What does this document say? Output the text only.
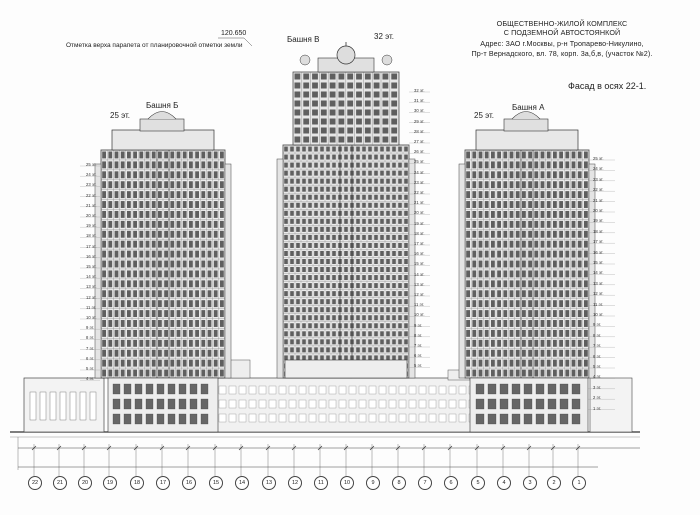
ОБЩЕСТВЕННО-ЖИЛОЙ КОМПЛЕКС
С ПОДЗЕМНОЙ АВТОСТОЯНКОЙ
Адрес: ЗАО г.Москвы, р-н Тропарево-Никулино,
Пр-т Вернадского, вл. 78, корп. 3а,б,в, (участок №2).
Фасад в осях 22-1.
120.650
Отметка верха парапета от планировочной отметки земли
25 эт.
Башня Б
32 эт.
Башня В
25 эт.
Башня А
25 эт.
24 эт.
23 эт.
22 эт.
21 эт.
20 эт.
19 эт.
18 эт.
17 эт.
16 эт.
15 эт.
14 эт.
13 эт.
12 эт.
11 эт.
10 эт.
9 эт.
8 эт.
7 эт.
6 эт.
5 эт.
4 эт.
32 эт.
31 эт.
30 эт.
29 эт.
28 эт.
27 эт.
26 эт.
25 эт.
24 эт.
23 эт.
22 эт.
21 эт.
20 эт.
19 эт.
18 эт.
17 эт.
16 эт.
15 эт.
14 эт.
13 эт.
12 эт.
11 эт.
10 эт.
9 эт.
8 эт.
7 эт.
6 эт.
5 эт.
25 эт.
24 эт.
23 эт.
22 эт.
21 эт.
20 эт.
19 эт.
18 эт.
17 эт.
16 эт.
15 эт.
14 эт.
13 эт.
12 эт.
11 эт.
10 эт.
9 эт.
8 эт.
7 эт.
6 эт.
5 эт.
4 эт.
3 эт.
2 эт.
1 эт.
22	21	20	19	18	17	16	15	14	13	12	11	10	9	8	7	6	5	4	3	2	1
